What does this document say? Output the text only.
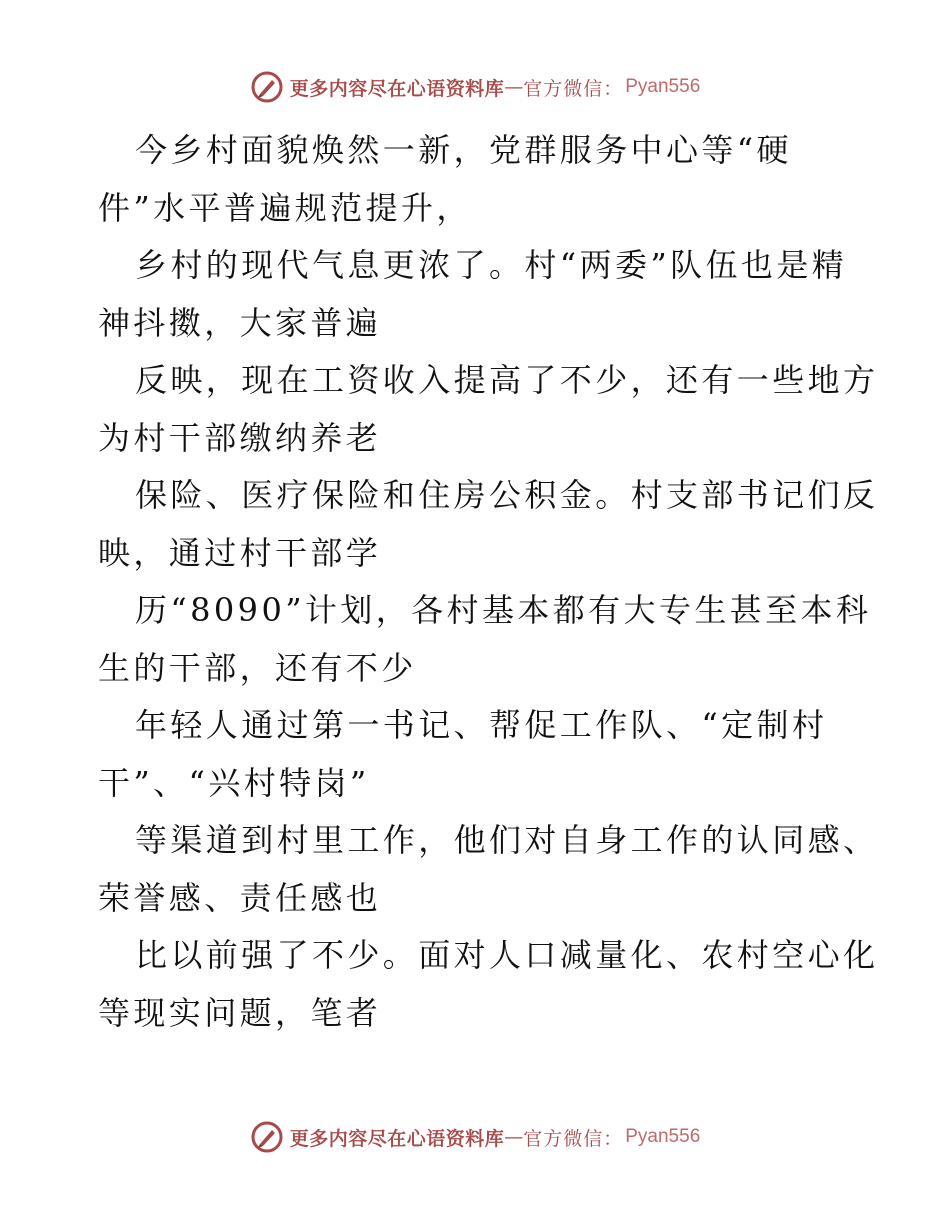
更多内容尽在心语资料库 — 官方微信： Pyan556
今乡村面貌焕然一新，党群服务中心等“硬
件”水平普遍规范提升，
乡村的现代气息更浓了。村“两委”队伍也是精
神抖擞，大家普遍
反映，现在工资收入提高了不少，还有一些地方
为村干部缴纳养老
保险、医疗保险和住房公积金。村支部书记们反
映，通过村干部学
历“8090”计划，各村基本都有大专生甚至本科
生的干部，还有不少
年轻人通过第一书记、帮促工作队、“定制村
干”、“兴村特岗”
等渠道到村里工作，他们对自身工作的认同感、
荣誉感、责任感也
比以前强了不少。面对人口减量化、农村空心化
等现实问题，笔者
更多内容尽在心语资料库 — 官方微信： Pyan556
